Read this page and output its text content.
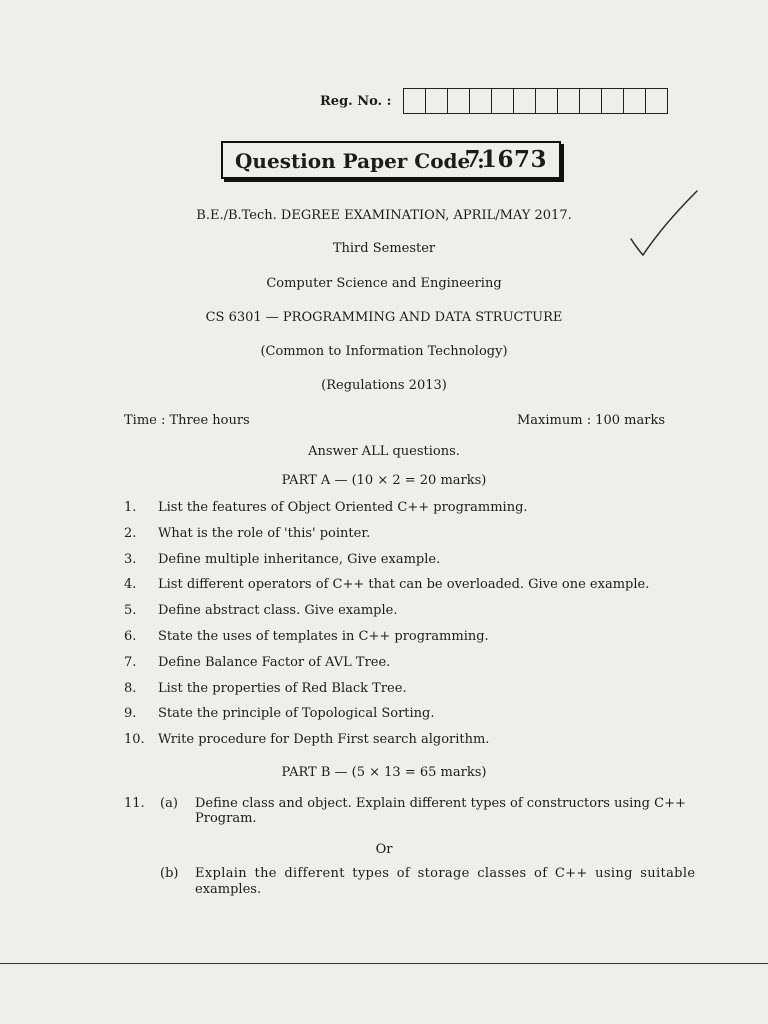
Reg. No. :
Question Paper Code :
71673
B.E./B.Tech. DEGREE EXAMINATION, APRIL/MAY 2017.
Third Semester
Computer Science and Engineering
CS 6301 — PROGRAMMING AND DATA STRUCTURE
(Common to Information Technology)
(Regulations 2013)
Time : Three hours	Maximum : 100 marks
Answer ALL questions.
PART A — (10 × 2 = 20 marks)
1. List the features of Object Oriented C++ programming.
2. What is the role of 'this' pointer.
3. Define multiple inheritance, Give example.
4. List different operators of C++ that can be overloaded. Give one example.
5. Define abstract class. Give example.
6. State the uses of templates in C++ programming.
7. Define Balance Factor of AVL Tree.
8. List the properties of Red Black Tree.
9. State the principle of Topological Sorting.
10. Write procedure for Depth First search algorithm.
PART B — (5 × 13 = 65 marks)
11. (a) Define class and object. Explain different types of constructors using C++
Program.
Or
(b) Explain the different types of storage classes of C++ using suitable
examples.
